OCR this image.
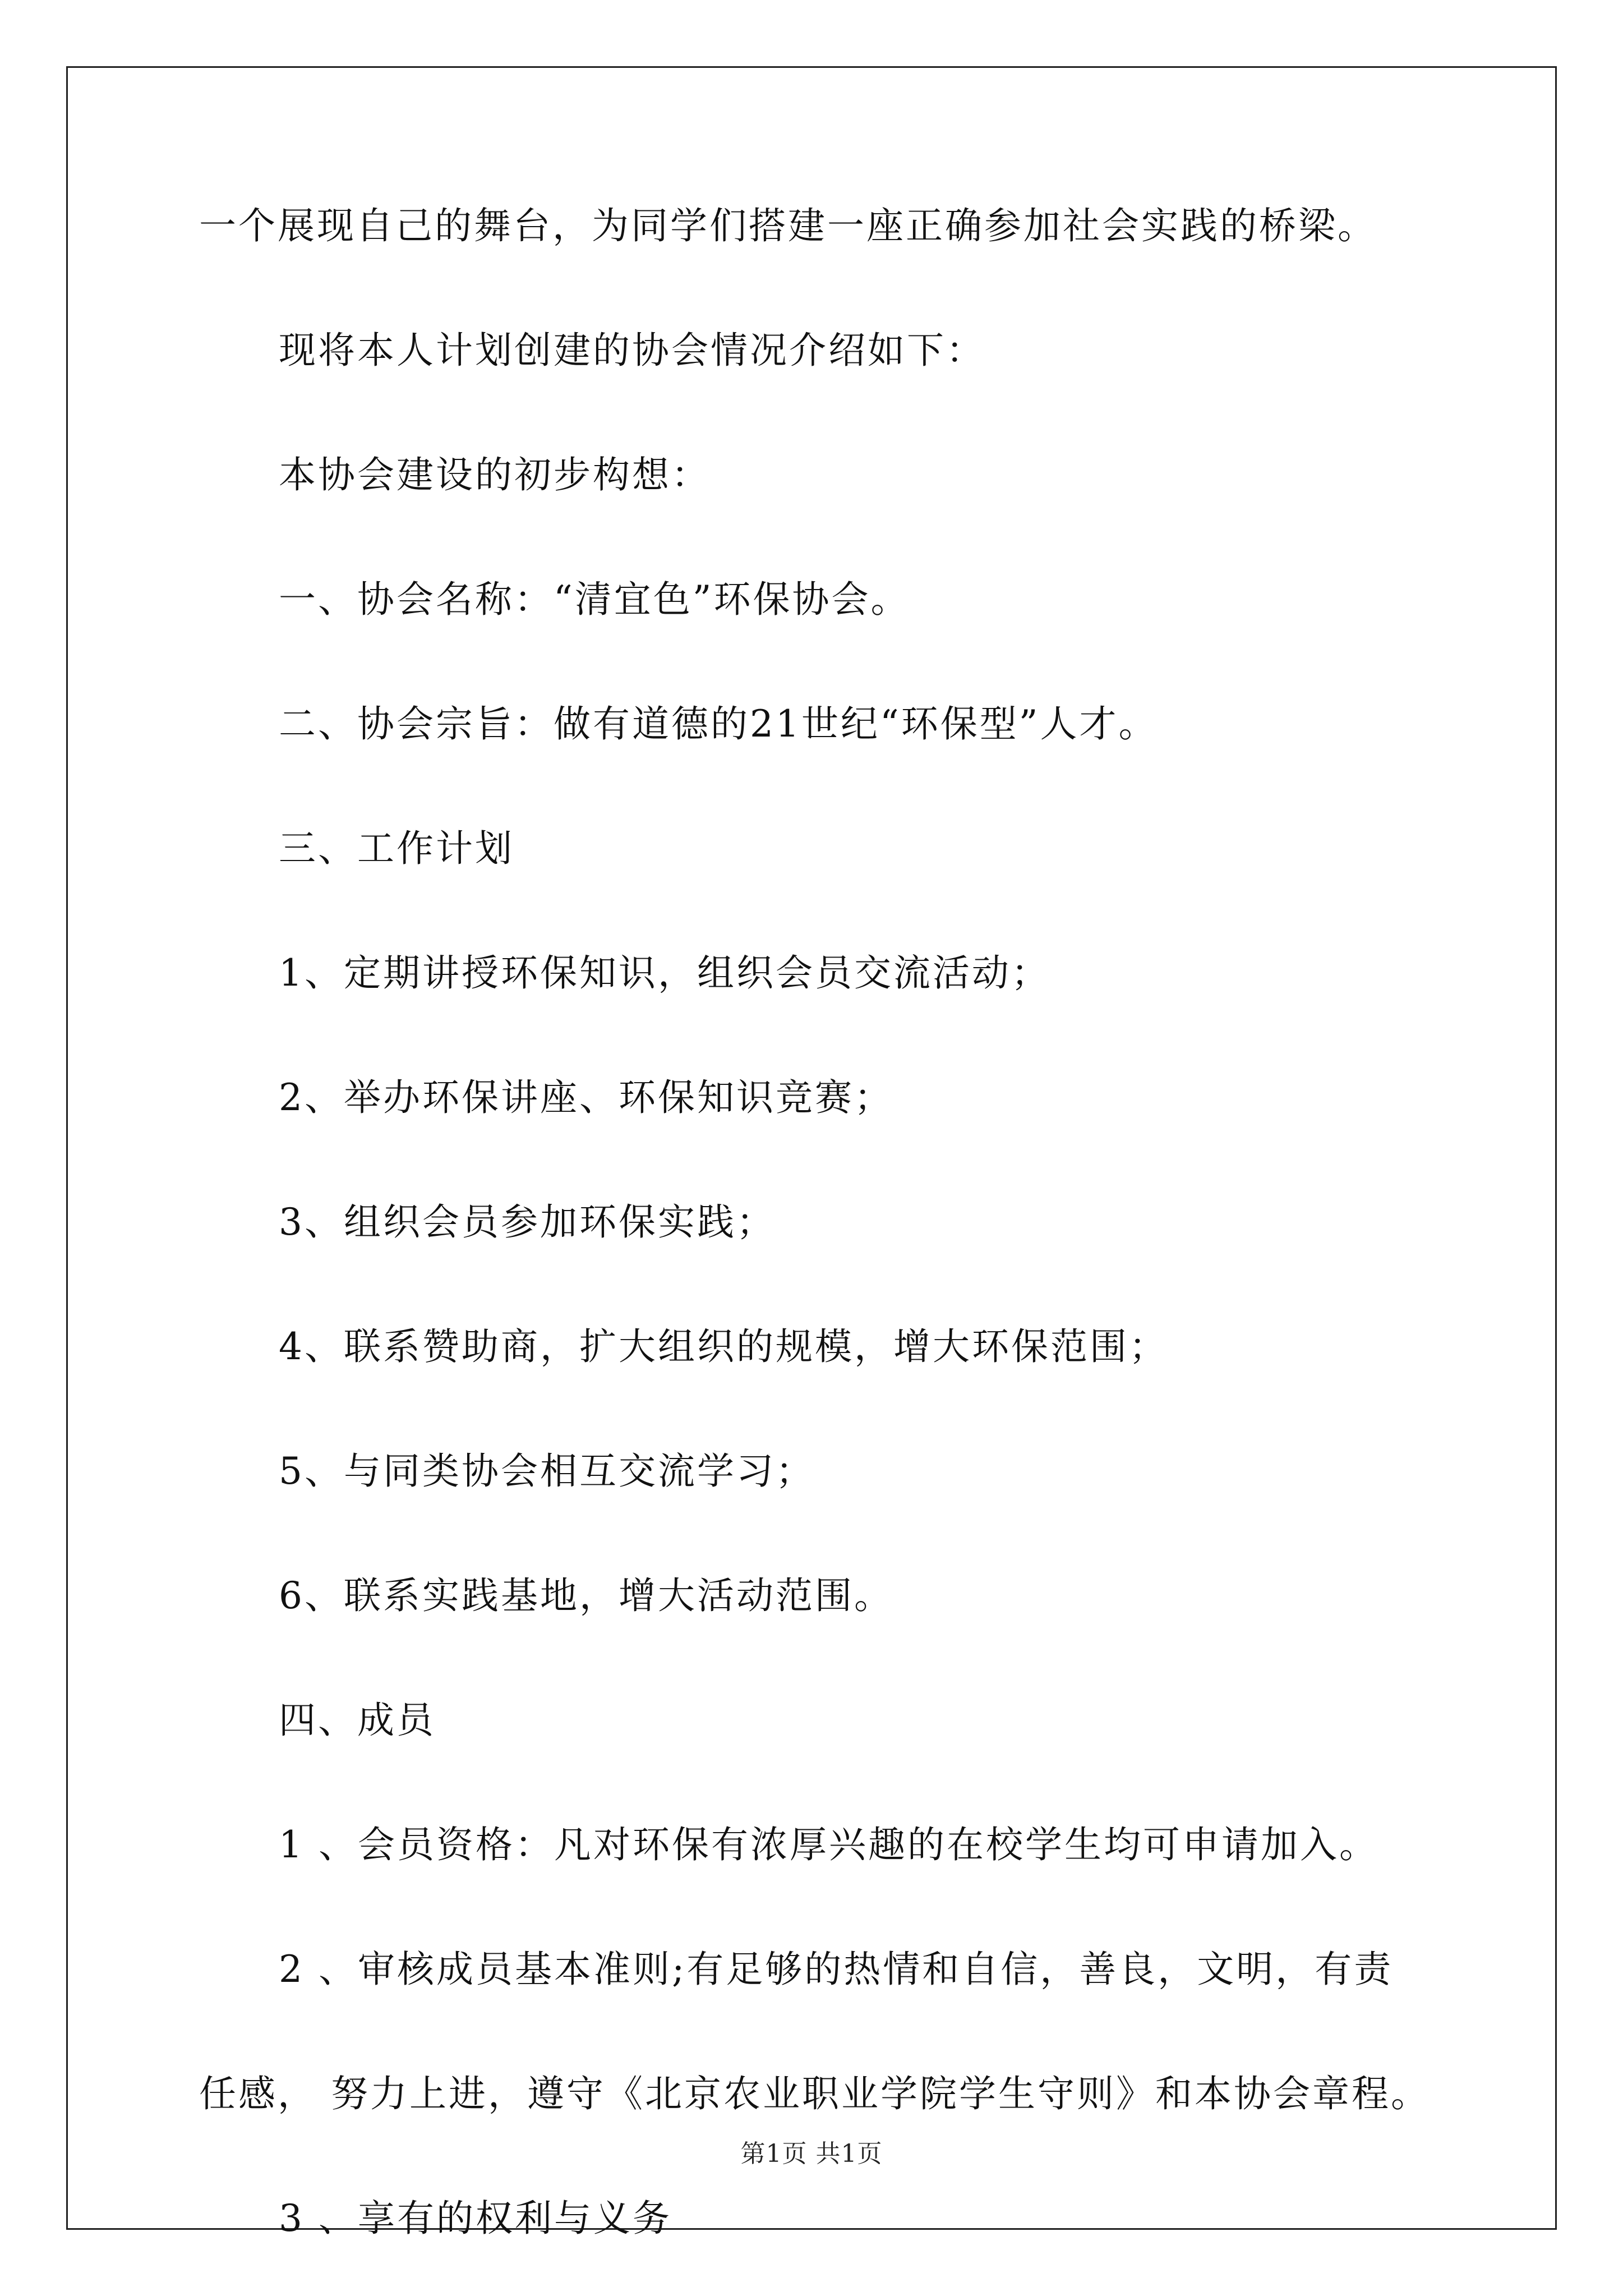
一个展现自己的舞台，为同学们搭建一座正确参加社会实践的桥梁。
现将本人计划创建的协会情况介绍如下：
本协会建设的初步构想：
一、协会名称：“清宜色”环保协会。
二、协会宗旨：做有道德的21世纪“环保型”人才。
三、工作计划
1、定期讲授环保知识，组织会员交流活动；
2、举办环保讲座、环保知识竞赛；
3、组织会员参加环保实践；
4、联系赞助商，扩大组织的规模，增大环保范围；
5、与同类协会相互交流学习；
6、联系实践基地，增大活动范围。
四、成员
1 、会员资格：凡对环保有浓厚兴趣的在校学生均可申请加入。
2 、审核成员基本准则;有足够的热情和自信，善良，文明，有责
任感， 努力上进，遵守《北京农业职业学院学生守则》和本协会章程。
3 、享有的权利与义务
第1页 共1页
